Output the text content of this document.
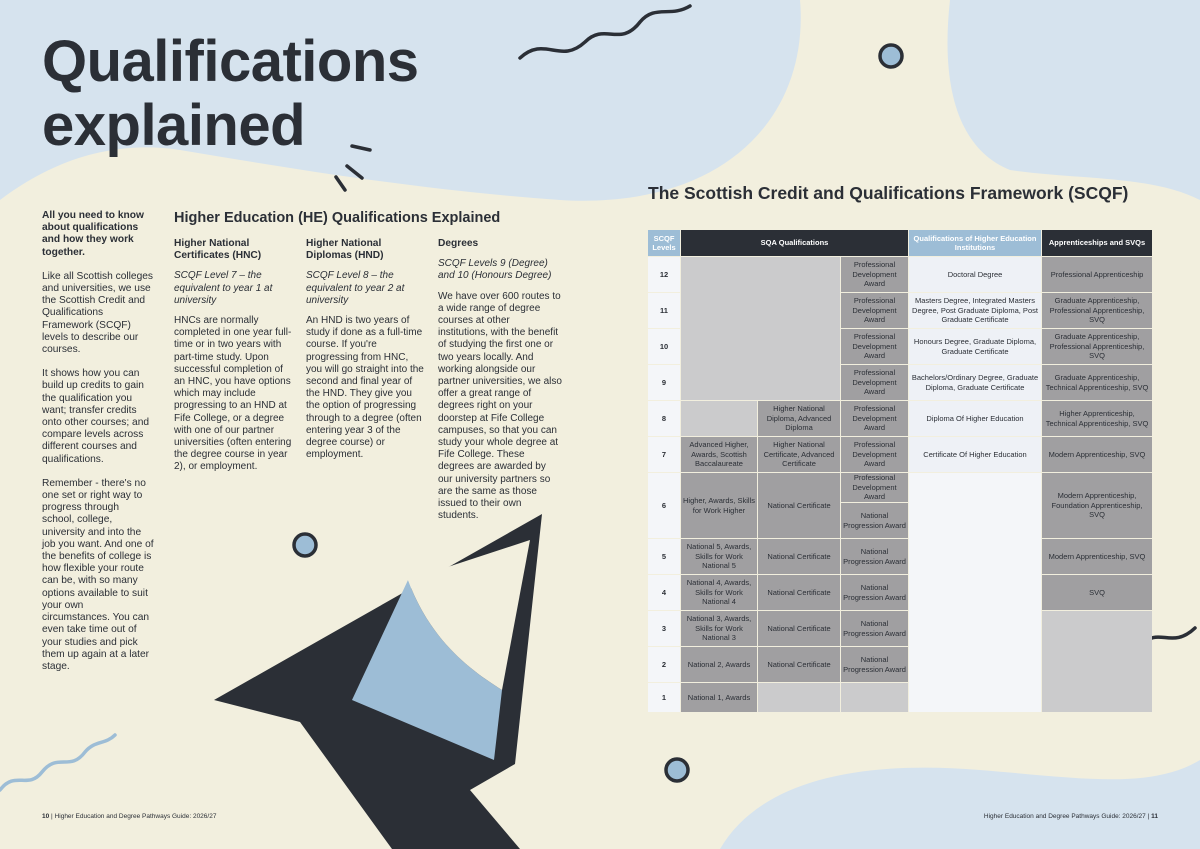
Qualifications
explained

All you need to know about qualifications and how they work together.

Like all Scottish colleges and universities, we use the Scottish Credit and Qualifications Framework (SCQF) levels to describe our courses.

It shows how you can build up credits to gain the qualification you want; transfer credits onto other courses; and compare levels across different courses and qualifications.

Remember - there's no one set or right way to progress through school, college, university and into the job you want. And one of the benefits of college is how flexible your route can be, with so many options available to suit your own circumstances. You can even take time out of your studies and pick them up again at a later stage.

Higher Education (HE) Qualifications Explained
Higher National Certificates (HNC)

SCQF Level 7 – the equivalent to year 1 at university

HNCs are normally completed in one year full-time or in two years with part-time study. Upon successful completion of an HNC, you have options which may include progressing to an HND at Fife College, or a degree with one of our partner universities (often entering the degree course in year 2), or employment.

Higher National Diplomas (HND)

SCQF Level 8 – the equivalent to year 2 at university

An HND is two years of study if done as a full-time course. If you're progressing from HNC, you will go straight into the second and final year of the HND. They give you the option of progressing through to a degree (often entering year 3 of the degree course) or employment.

Degrees

SCQF Levels 9 (Degree) and 10 (Honours Degree)

We have over 600 routes to a wide range of degree courses at other institutions, with the benefit of studying the first one or two years locally. And working alongside our partner universities, we also offer a great range of degrees right on your doorstep at Fife College campuses, so that you can study your whole degree at Fife College. These degrees are awarded by our university partners so are the same as those issued to their own students.

The Scottish Credit and Qualifications Framework (SCQF)
SCQF Levels	SQA Qualifications			Qualifications of Higher Education Institutions	Apprenticeships and SVQs
12			Professional Development Award	Doctoral Degree	Professional Apprenticeship
11			Professional Development Award	Masters Degree, Integrated Masters Degree, Post Graduate Diploma, Post Graduate Certificate	Graduate Apprenticeship, Professional Apprenticeship, SVQ
10			Professional Development Award	Honours Degree, Graduate Diploma, Graduate Certificate	Graduate Apprenticeship, Professional Apprenticeship, SVQ
9			Professional Development Award	Bachelors/Ordinary Degree, Graduate Diploma, Graduate Certificate	Graduate Apprenticeship, Technical Apprenticeship, SVQ
8		Higher National Diploma, Advanced Diploma	Professional Development Award	Diploma Of Higher Education	Higher Apprenticeship, Technical Apprenticeship, SVQ
7	Advanced Higher, Awards, Scottish Baccalaureate	Higher National Certificate, Advanced Certificate	Professional Development Award	Certificate Of Higher Education	Modern Apprenticeship, SVQ
6	Higher, Awards, Skills for Work Higher	National Certificate	Professional Development Award		Modern Apprenticeship, Foundation Apprenticeship, SVQ
			National Progression Award		
5	National 5, Awards, Skills for Work National 5	National Certificate	National Progression Award		Modern Apprenticeship, SVQ
4	National 4, Awards, Skills for Work National 4	National Certificate	National Progression Award		SVQ
3	National 3, Awards, Skills for Work National 3	National Certificate	National Progression Award		
2	National 2, Awards	National Certificate	National Progression Award		
1	National 1, Awards				
10 | Higher Education and Degree Pathways Guide: 2026/27	Higher Education and Degree Pathways Guide: 2026/27 | 11
